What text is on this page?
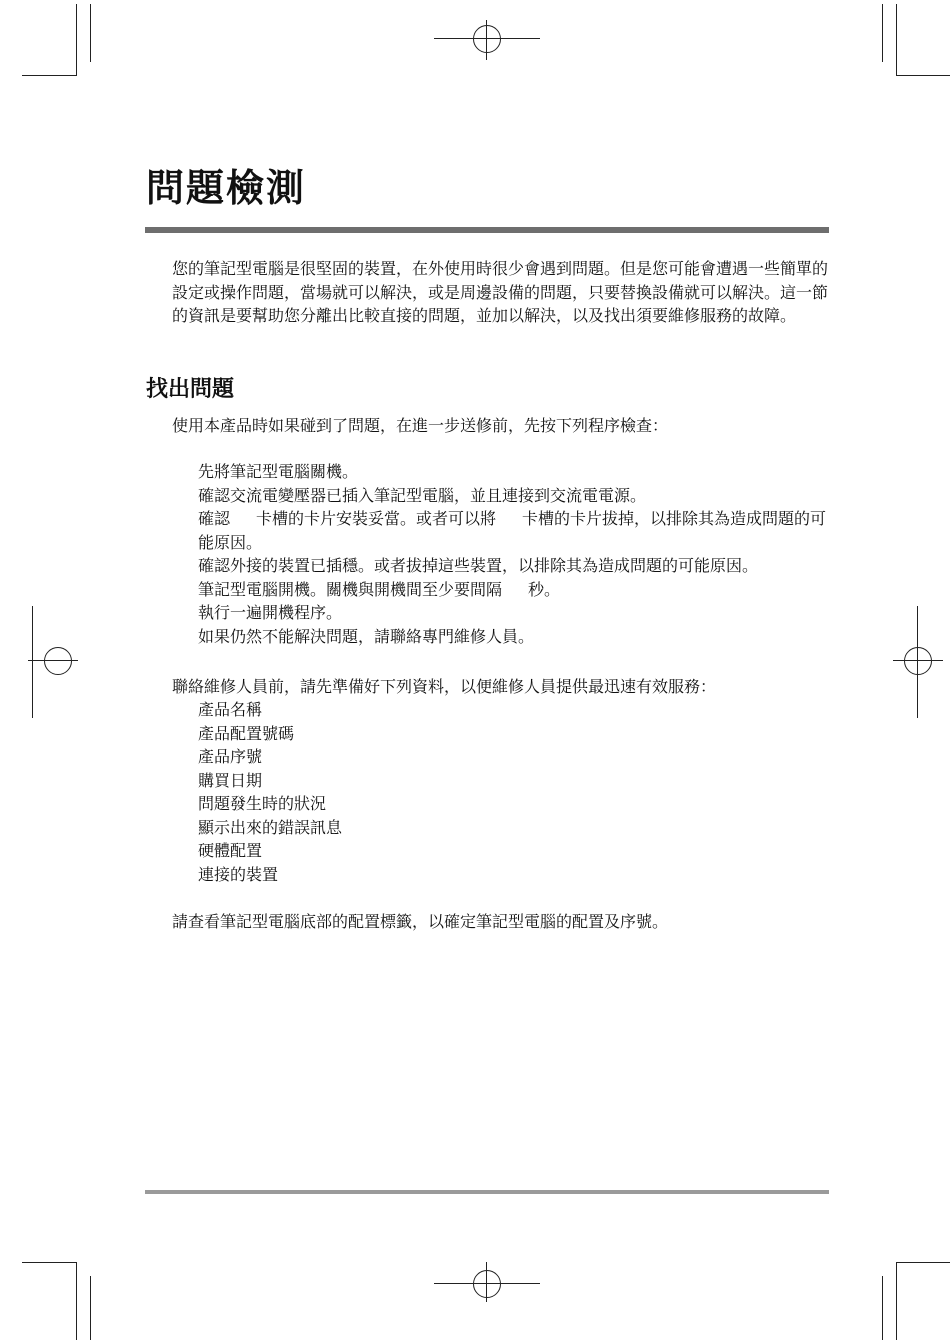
問題檢測

您的筆記型電腦是很堅固的裝置，在外使用時很少會遇到問題。但是您可能會遭遇一些簡單的設定或操作問題，當場就可以解決，或是周邊設備的問題，只要替換設備就可以解決。這一節的資訊是要幫助您分離出比較直接的問題，並加以解決，以及找出須要維修服務的故障。

找出問題

使用本產品時如果碰到了問題，在進一步送修前，先按下列程序檢查：

先將筆記型電腦關機。
確認交流電變壓器已插入筆記型電腦，並且連接到交流電電源。
確認 卡槽的卡片安裝妥當。或者可以將 卡槽的卡片拔掉，以排除其為造成問題的可能原因。
確認外接的裝置已插穩。或者拔掉這些裝置，以排除其為造成問題的可能原因。
筆記型電腦開機。關機與開機間至少要間隔 秒。
執行一遍開機程序。
如果仍然不能解決問題，請聯絡專門維修人員。

聯絡維修人員前，請先準備好下列資料，以便維修人員提供最迅速有效服務：

產品名稱
產品配置號碼
產品序號
購買日期
問題發生時的狀況
顯示出來的錯誤訊息
硬體配置
連接的裝置

請查看筆記型電腦底部的配置標籤，以確定筆記型電腦的配置及序號。
